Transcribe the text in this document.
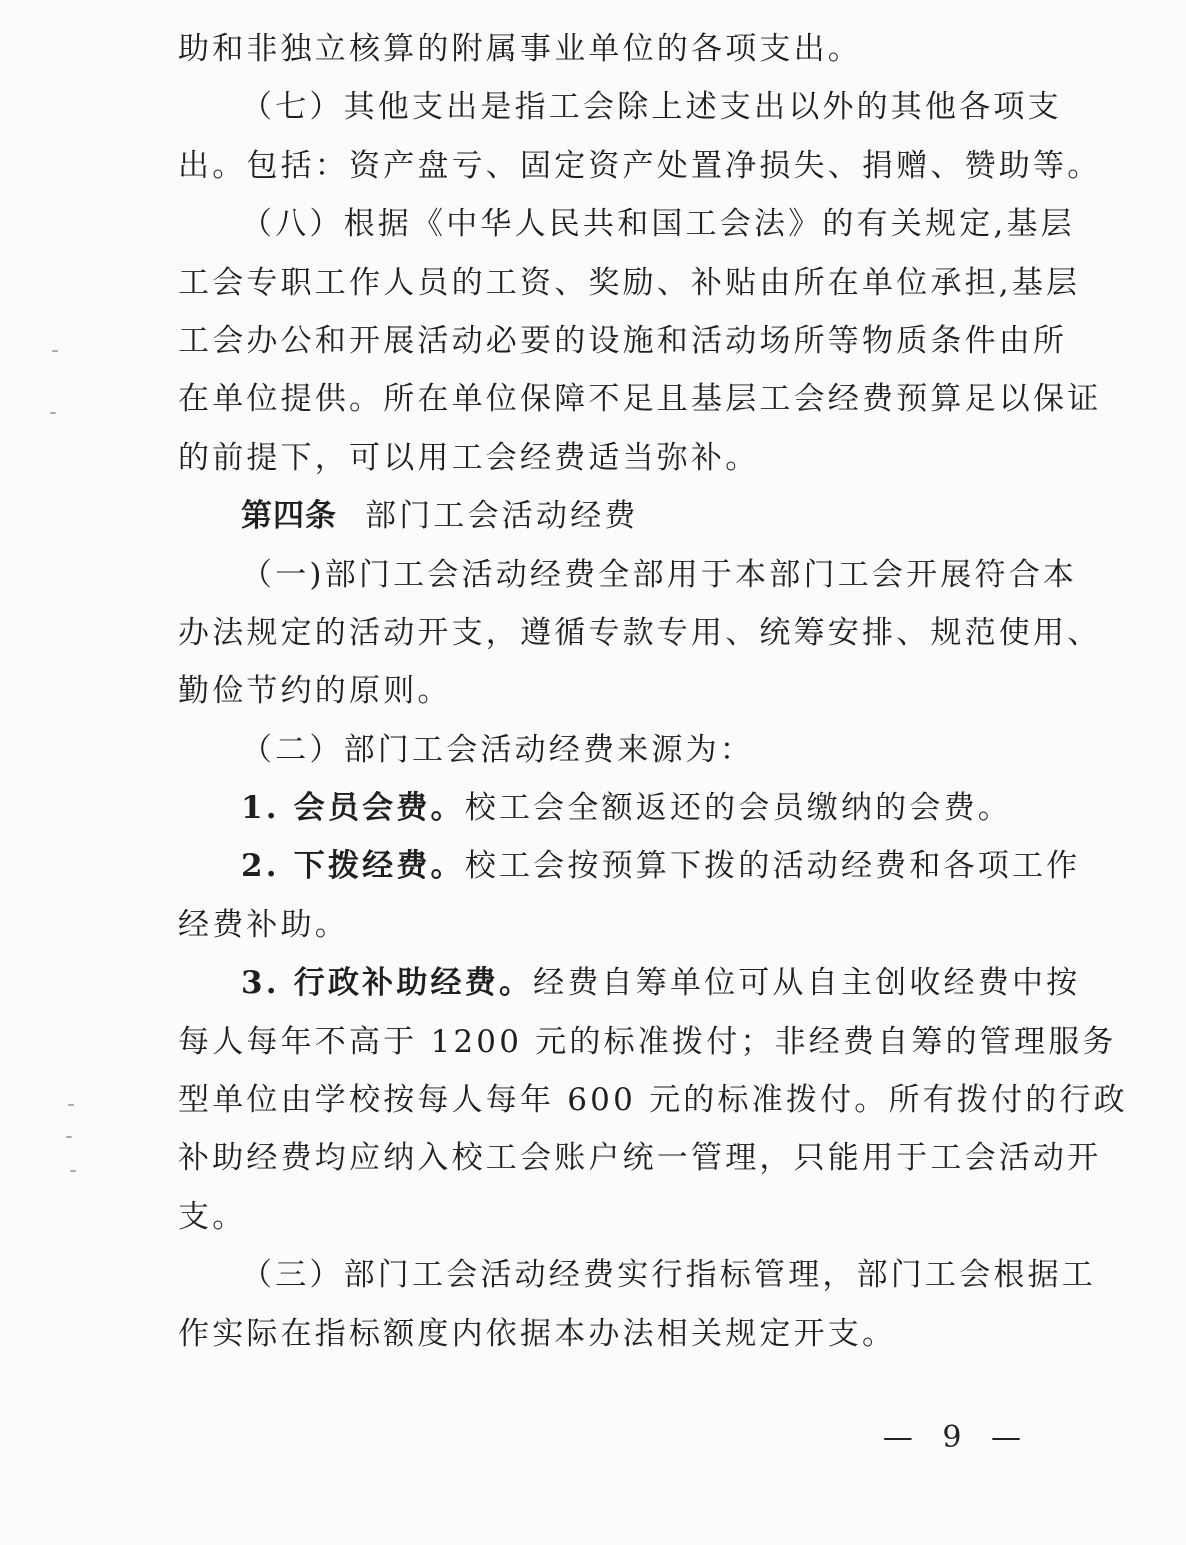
助和非独立核算的附属事业单位的各项支出。
（七）其他支出是指工会除上述支出以外的其他各项支
出。包括：资产盘亏、固定资产处置净损失、捐赠、赞助等。
（八）根据《中华人民共和国工会法》的有关规定,基层
工会专职工作人员的工资、奖励、补贴由所在单位承担,基层
工会办公和开展活动必要的设施和活动场所等物质条件由所
在单位提供。所在单位保障不足且基层工会经费预算足以保证
的前提下，可以用工会经费适当弥补。
第四条 部门工会活动经费
（一)部门工会活动经费全部用于本部门工会开展符合本
办法规定的活动开支，遵循专款专用、统筹安排、规范使用、
勤俭节约的原则。
（二）部门工会活动经费来源为：
1. 会员会费。校工会全额返还的会员缴纳的会费。
2. 下拨经费。校工会按预算下拨的活动经费和各项工作
经费补助。
3. 行政补助经费。经费自筹单位可从自主创收经费中按
每人每年不高于 1200 元的标准拨付；非经费自筹的管理服务
型单位由学校按每人每年 600 元的标准拨付。所有拨付的行政
补助经费均应纳入校工会账户统一管理，只能用于工会活动开
支。
（三）部门工会活动经费实行指标管理，部门工会根据工
作实际在指标额度内依据本办法相关规定开支。
— 9 —
